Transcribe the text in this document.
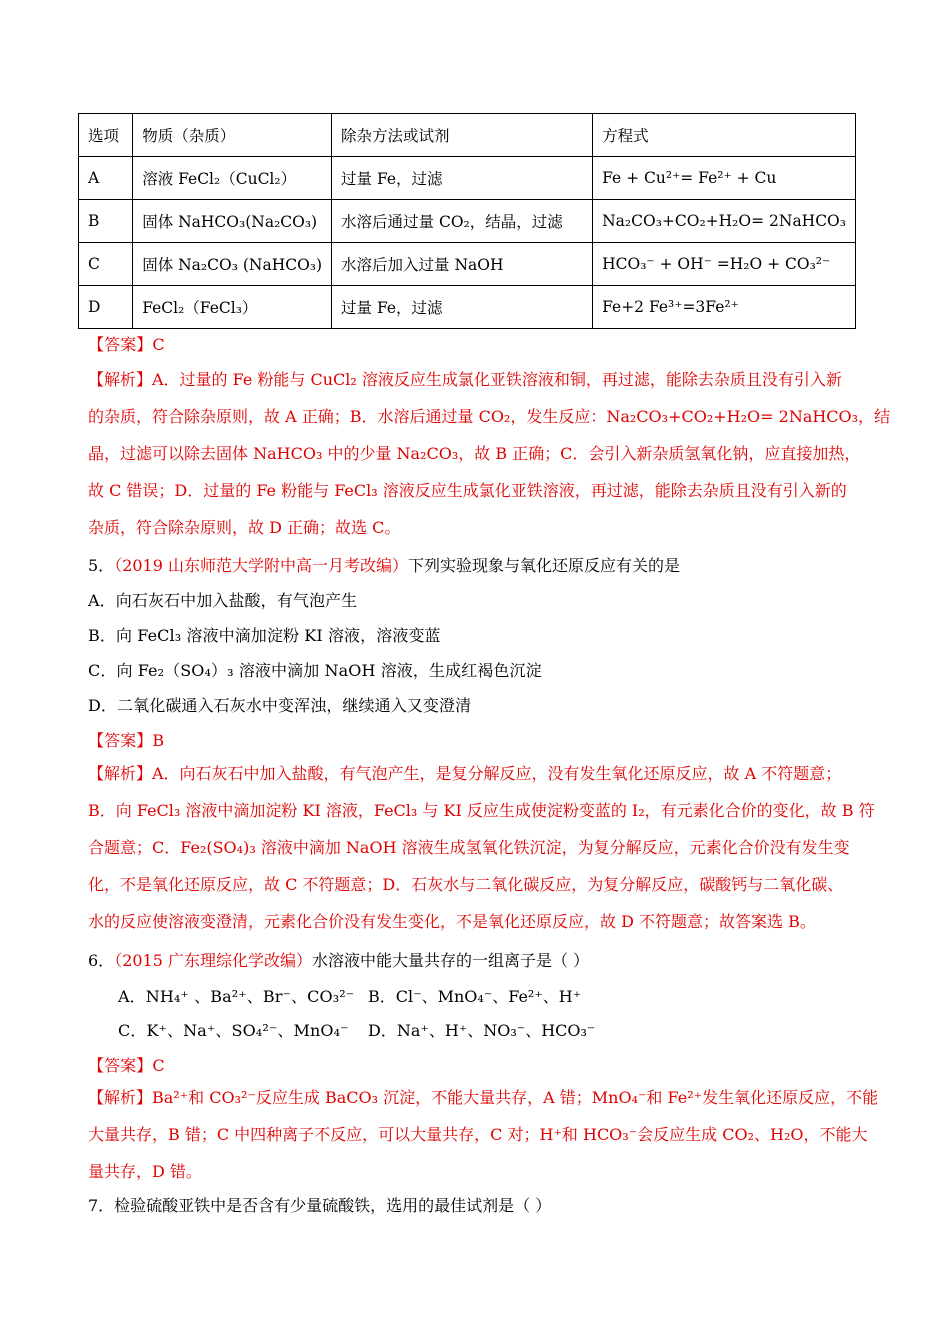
选项	物质（杂质）	除杂方法或试剂	方程式
A	溶液 FeCl₂（CuCl₂）	过量 Fe，过滤	Fe + Cu²⁺= Fe²⁺ + Cu
B	固体 NaHCO₃(Na₂CO₃)	水溶后通过量 CO₂，结晶，过滤	Na₂CO₃+CO₂+H₂O= 2NaHCO₃
C	固体 Na₂CO₃ (NaHCO₃)	水溶后加入过量 NaOH	HCO₃⁻ + OH⁻ =H₂O + CO₃²⁻
D	FeCl₂（FeCl₃）	过量 Fe，过滤	Fe+2 Fe³⁺=3Fe²⁺
【答案】C
【解析】A．过量的 Fe 粉能与 CuCl₂ 溶液反应生成氯化亚铁溶液和铜，再过滤，能除去杂质且没有引入新
的杂质，符合除杂原则，故 A 正确；B．水溶后通过量 CO₂，发生反应：Na₂CO₃+CO₂+H₂O= 2NaHCO₃，结
晶，过滤可以除去固体 NaHCO₃ 中的少量 Na₂CO₃，故 B 正确；C．会引入新杂质氢氧化钠，应直接加热，
故 C 错误；D．过量的 Fe 粉能与 FeCl₃ 溶液反应生成氯化亚铁溶液，再过滤，能除去杂质且没有引入新的
杂质，符合除杂原则，故 D 正确；故选 C。
5．（2019 山东师范大学附中高一月考改编）下列实验现象与氧化还原反应有关的是
A．向石灰石中加入盐酸，有气泡产生
B．向 FeCl₃ 溶液中滴加淀粉 KI 溶液，溶液变蓝
C．向 Fe₂（SO₄）₃ 溶液中滴加 NaOH 溶液，生成红褐色沉淀
D．二氧化碳通入石灰水中变浑浊，继续通入又变澄清
【答案】B
【解析】A．向石灰石中加入盐酸，有气泡产生，是复分解反应，没有发生氧化还原反应，故 A 不符题意；
B．向 FeCl₃ 溶液中滴加淀粉 KI 溶液，FeCl₃ 与 KI 反应生成使淀粉变蓝的 I₂，有元素化合价的变化，故 B 符
合题意；C．Fe₂(SO₄)₃ 溶液中滴加 NaOH 溶液生成氢氧化铁沉淀，为复分解反应，元素化合价没有发生变
化，不是氧化还原反应，故 C 不符题意；D．石灰水与二氧化碳反应，为复分解反应，碳酸钙与二氧化碳、
水的反应使溶液变澄清，元素化合价没有发生变化，不是氧化还原反应，故 D 不符题意；故答案选 B。
6．（2015 广东理综化学改编）水溶液中能大量共存的一组离子是（ ）
A．NH₄⁺ 、Ba²⁺、Br⁻、CO₃²⁻ B．Cl⁻、MnO₄⁻、Fe²⁺、H⁺
C．K⁺、Na⁺、SO₄²⁻、MnO₄⁻ D．Na⁺、H⁺、NO₃⁻、HCO₃⁻
【答案】C
【解析】Ba²⁺和 CO₃²⁻反应生成 BaCO₃ 沉淀，不能大量共存，A 错；MnO₄⁻和 Fe²⁺发生氧化还原反应，不能
大量共存，B 错；C 中四种离子不反应，可以大量共存，C 对；H⁺和 HCO₃⁻会反应生成 CO₂、H₂O，不能大
量共存，D 错。
7．检验硫酸亚铁中是否含有少量硫酸铁，选用的最佳试剂是（ ）
